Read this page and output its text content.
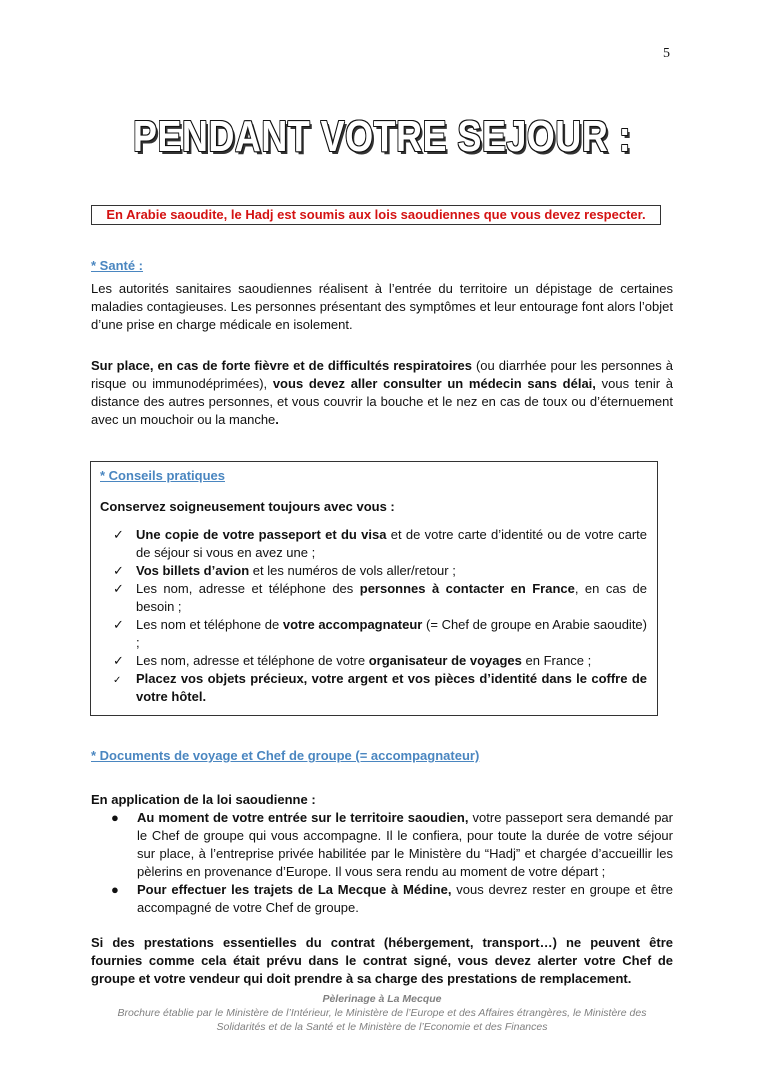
5
PENDANT VOTRE SEJOUR :
En Arabie saoudite, le Hadj est soumis aux lois saoudiennes que vous devez respecter.
* Santé :
Les autorités sanitaires saoudiennes réalisent à l’entrée du territoire un dépistage de certaines maladies contagieuses. Les personnes présentant des symptômes et leur entourage font alors l’objet d’une prise en charge médicale en isolement.
Sur place, en cas de forte fièvre et de difficultés respiratoires (ou diarrhée pour les personnes à risque ou immunodéprimées), vous devez aller consulter un médecin sans délai, vous tenir à distance des autres personnes, et vous couvrir la bouche et le nez en cas de toux ou d’éternuement avec un mouchoir ou la manche.
* Conseils pratiques
Conservez soigneusement toujours avec vous :
✓ Une copie de votre passeport et du visa et de votre carte d’identité ou de votre carte de séjour si vous en avez une ;
✓ Vos billets d’avion et les numéros de vols aller/retour ;
✓ Les nom, adresse et téléphone des personnes à contacter en France, en cas de besoin ;
✓ Les nom et téléphone de votre accompagnateur (= Chef de groupe en Arabie saoudite) ;
✓ Les nom, adresse et téléphone de votre organisateur de voyages en France ;
✓	Placez vos objets précieux, votre argent et vos pièces d’identité dans le coffre de votre hôtel.
* Documents de voyage et Chef de groupe (= accompagnateur)
En application de la loi saoudienne :
●	Au moment de votre entrée sur le territoire saoudien, votre passeport sera demandé par le Chef de groupe qui vous accompagne. Il le confiera, pour toute la durée de votre séjour sur place, à l’entreprise privée habilitée par le Ministère du “Hadj” et chargée d’accueillir les pèlerins en provenance d’Europe. Il vous sera rendu au moment de votre départ ;
●	Pour effectuer les trajets de La Mecque à Médine, vous devrez rester en groupe et être accompagné de votre Chef de groupe.
Si des prestations essentielles du contrat (hébergement, transport…) ne peuvent être fournies comme cela était prévu dans le contrat signé, vous devez alerter votre Chef de groupe et votre vendeur qui doit prendre à sa charge des prestations de remplacement.
Pèlerinage à La Mecque
Brochure établie par le Ministère de l’Intérieur, le Ministère de l’Europe et des Affaires étrangères, le Ministère des
Solidarités et de la Santé et le Ministère de l’Economie et des Finances
